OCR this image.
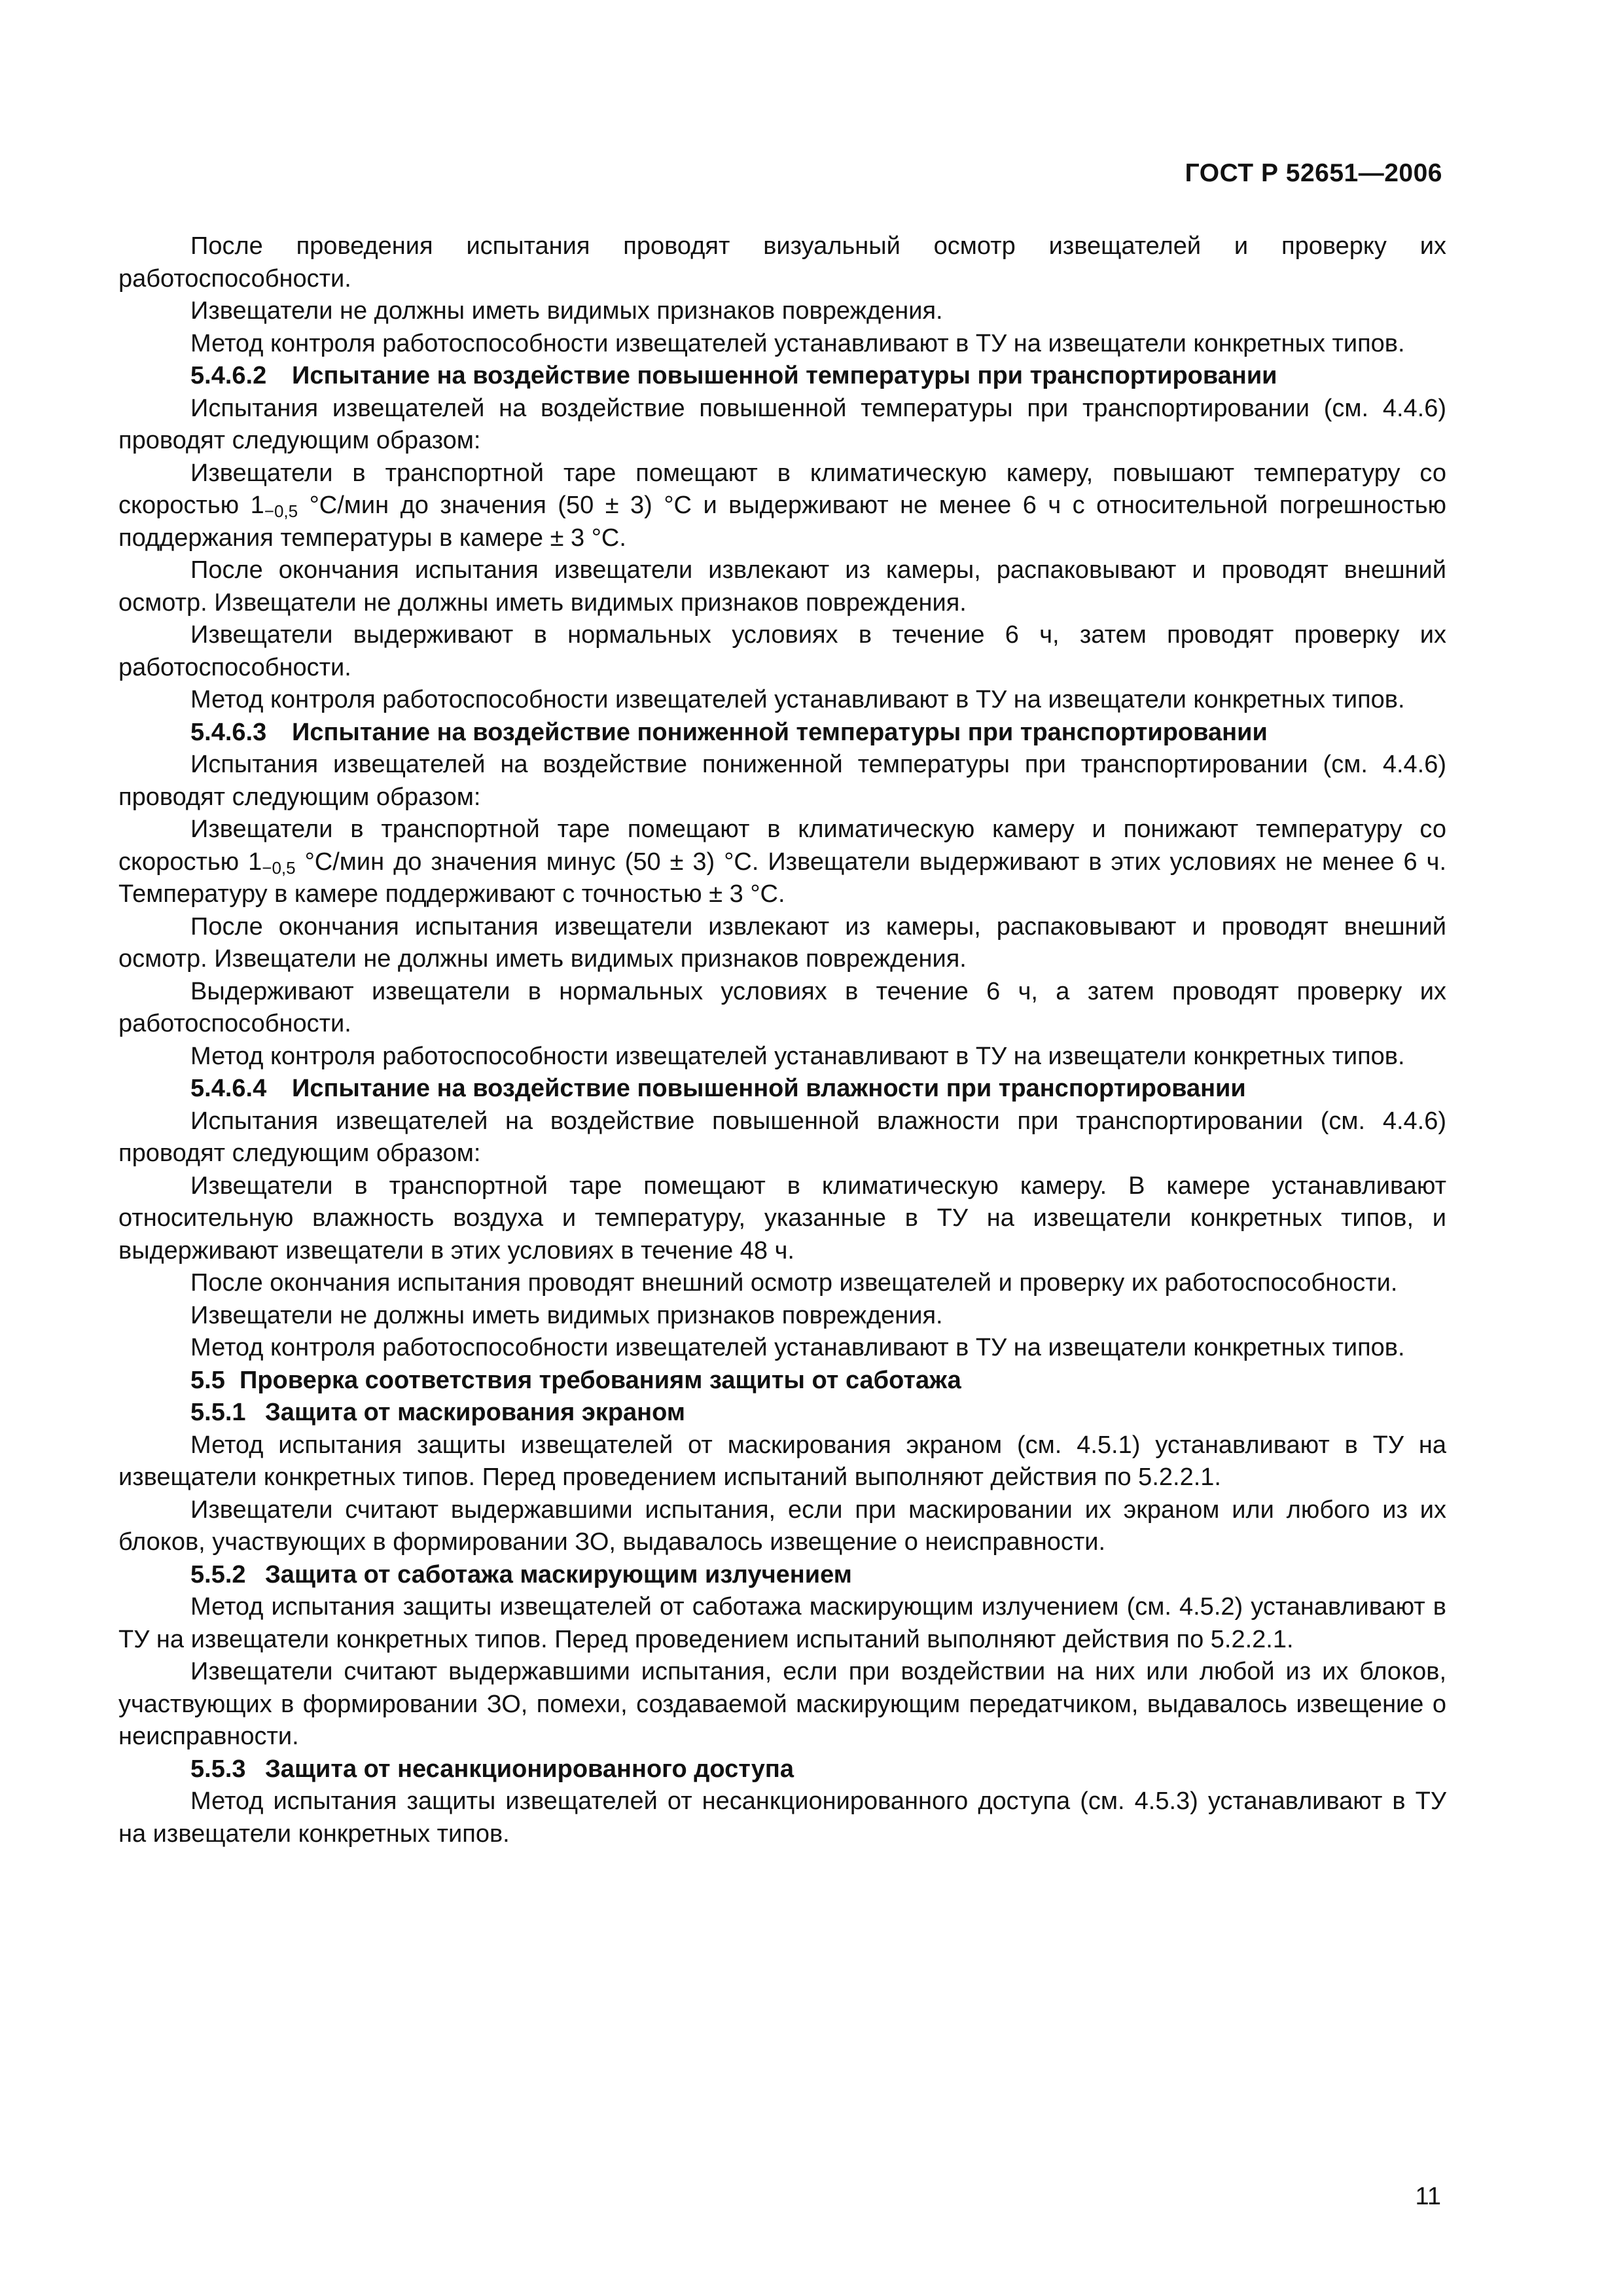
ГОСТ Р 52651—2006

После проведения испытания проводят визуальный осмотр извещателей и проверку их работоспособности.

Извещатели не должны иметь видимых признаков повреждения.

Метод контроля работоспособности извещателей устанавливают в ТУ на извещатели конкретных типов.

5.4.6.2 Испытание на воздействие повышенной температуры при транспортировании

Испытания извещателей на воздействие повышенной температуры при транспортировании (см. 4.4.6) проводят следующим образом:

Извещатели в транспортной таре помещают в климатическую камеру, повышают температуру со скоростью $1_{-0,5}$ °С/мин до значения (50 ± 3) °С и выдерживают не менее 6 ч с относительной погрешностью поддержания температуры в камере ± 3 °С.

После окончания испытания извещатели извлекают из камеры, распаковывают и проводят внешний осмотр. Извещатели не должны иметь видимых признаков повреждения.

Извещатели выдерживают в нормальных условиях в течение 6 ч, затем проводят проверку их работоспособности.

Метод контроля работоспособности извещателей устанавливают в ТУ на извещатели конкретных типов.

5.4.6.3 Испытание на воздействие пониженной температуры при транспортировании

Испытания извещателей на воздействие пониженной температуры при транспортировании (см. 4.4.6) проводят следующим образом:

Извещатели в транспортной таре помещают в климатическую камеру и понижают температуру со скоростью $1_{-0,5}$ °С/мин до значения минус (50 ± 3) °С. Извещатели выдерживают в этих условиях не менее 6 ч. Температуру в камере поддерживают с точностью ± 3 °С.

После окончания испытания извещатели извлекают из камеры, распаковывают и проводят внешний осмотр. Извещатели не должны иметь видимых признаков повреждения.

Выдерживают извещатели в нормальных условиях в течение 6 ч, а затем проводят проверку их работоспособности.

Метод контроля работоспособности извещателей устанавливают в ТУ на извещатели конкретных типов.

5.4.6.4 Испытание на воздействие повышенной влажности при транспортировании

Испытания извещателей на воздействие повышенной влажности при транспортировании (см. 4.4.6) проводят следующим образом:

Извещатели в транспортной таре помещают в климатическую камеру. В камере устанавливают относительную влажность воздуха и температуру, указанные в ТУ на извещатели конкретных типов, и выдерживают извещатели в этих условиях в течение 48 ч.

После окончания испытания проводят внешний осмотр извещателей и проверку их работоспособности.

Извещатели не должны иметь видимых признаков повреждения.

Метод контроля работоспособности извещателей устанавливают в ТУ на извещатели конкретных типов.

5.5 Проверка соответствия требованиям защиты от саботажа

5.5.1 Защита от маскирования экраном

Метод испытания защиты извещателей от маскирования экраном (см. 4.5.1) устанавливают в ТУ на извещатели конкретных типов. Перед проведением испытаний выполняют действия по 5.2.2.1.

Извещатели считают выдержавшими испытания, если при маскировании их экраном или любого из их блоков, участвующих в формировании ЗО, выдавалось извещение о неисправности.

5.5.2 Защита от саботажа маскирующим излучением

Метод испытания защиты извещателей от саботажа маскирующим излучением (см. 4.5.2) устанавливают в ТУ на извещатели конкретных типов. Перед проведением испытаний выполняют действия по 5.2.2.1.

Извещатели считают выдержавшими испытания, если при воздействии на них или любой из их блоков, участвующих в формировании ЗО, помехи, создаваемой маскирующим передатчиком, выдавалось извещение о неисправности.

5.5.3 Защита от несанкционированного доступа

Метод испытания защиты извещателей от несанкционированного доступа (см. 4.5.3) устанавливают в ТУ на извещатели конкретных типов.

11
